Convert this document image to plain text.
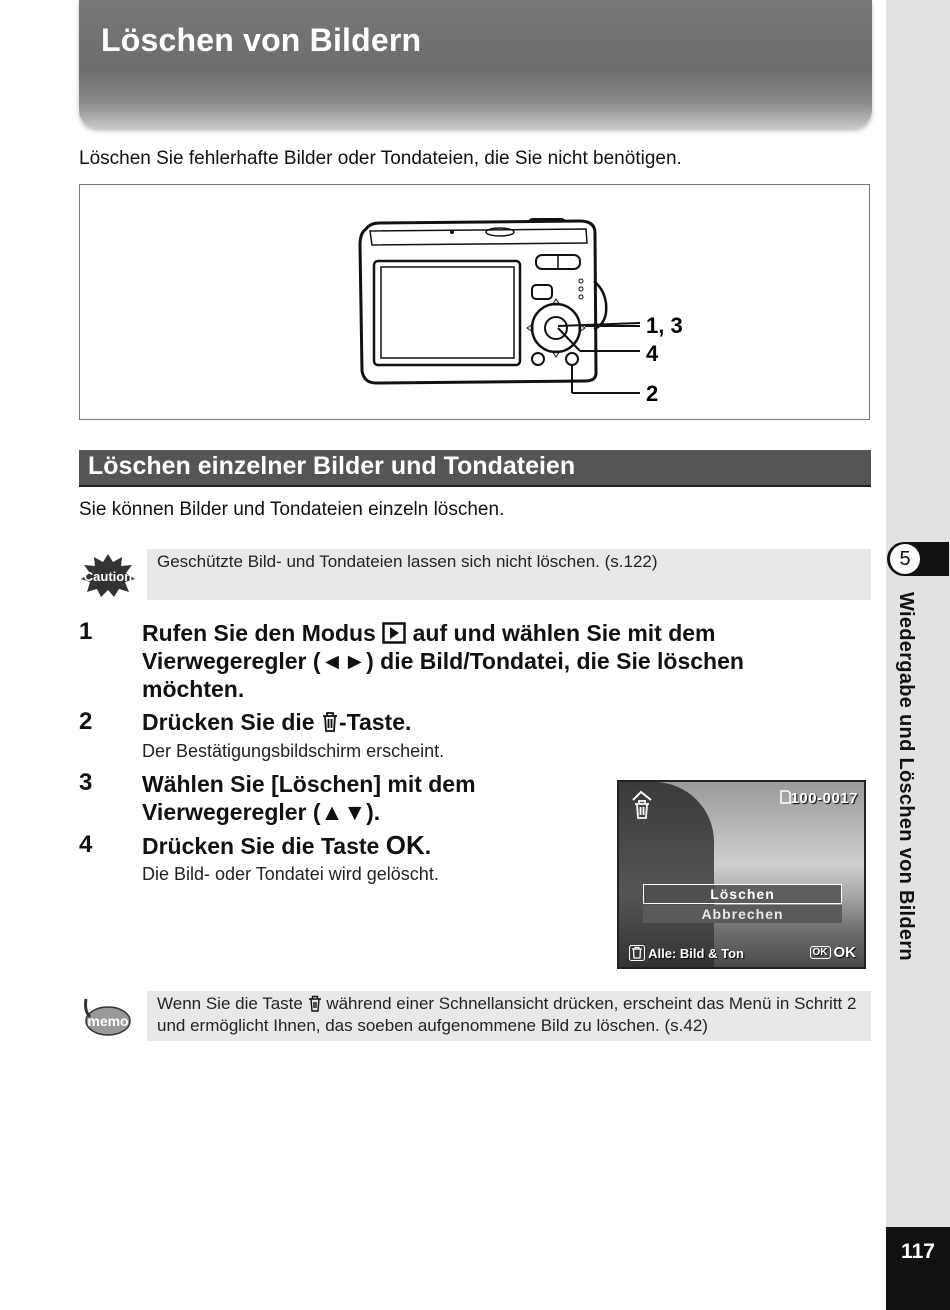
Löschen von Bildern
Löschen Sie fehlerhafte Bilder oder Tondateien, die Sie nicht benötigen.
1, 3
4
2
Löschen einzelner Bilder und Tondateien
Sie können Bilder und Tondateien einzeln löschen.
Caution
Geschützte Bild- und Tondateien lassen sich nicht löschen. (s.122)
1 Rufen Sie den Modus auf und wählen Sie mit dem
Vierwegeregler (◄►) die Bild/Tondatei, die Sie löschen
möchten.
2 Drücken Sie die -Taste.
Der Bestätigungsbildschirm erscheint.
3 Wählen Sie [Löschen] mit dem
Vierwegeregler (▲▼).
4 Drücken Sie die Taste OK.
Die Bild- oder Tondatei wird gelöscht.
100-0017
Löschen
Abbrechen
Alle: Bild & Ton	OK OK
memo
Wenn Sie die Taste während einer Schnellansicht drücken, erscheint das Menü in Schritt 2 und ermöglicht Ihnen, das soeben aufgenommene Bild zu löschen. (s.42)
5
Wiedergabe und Löschen von Bildern
117
